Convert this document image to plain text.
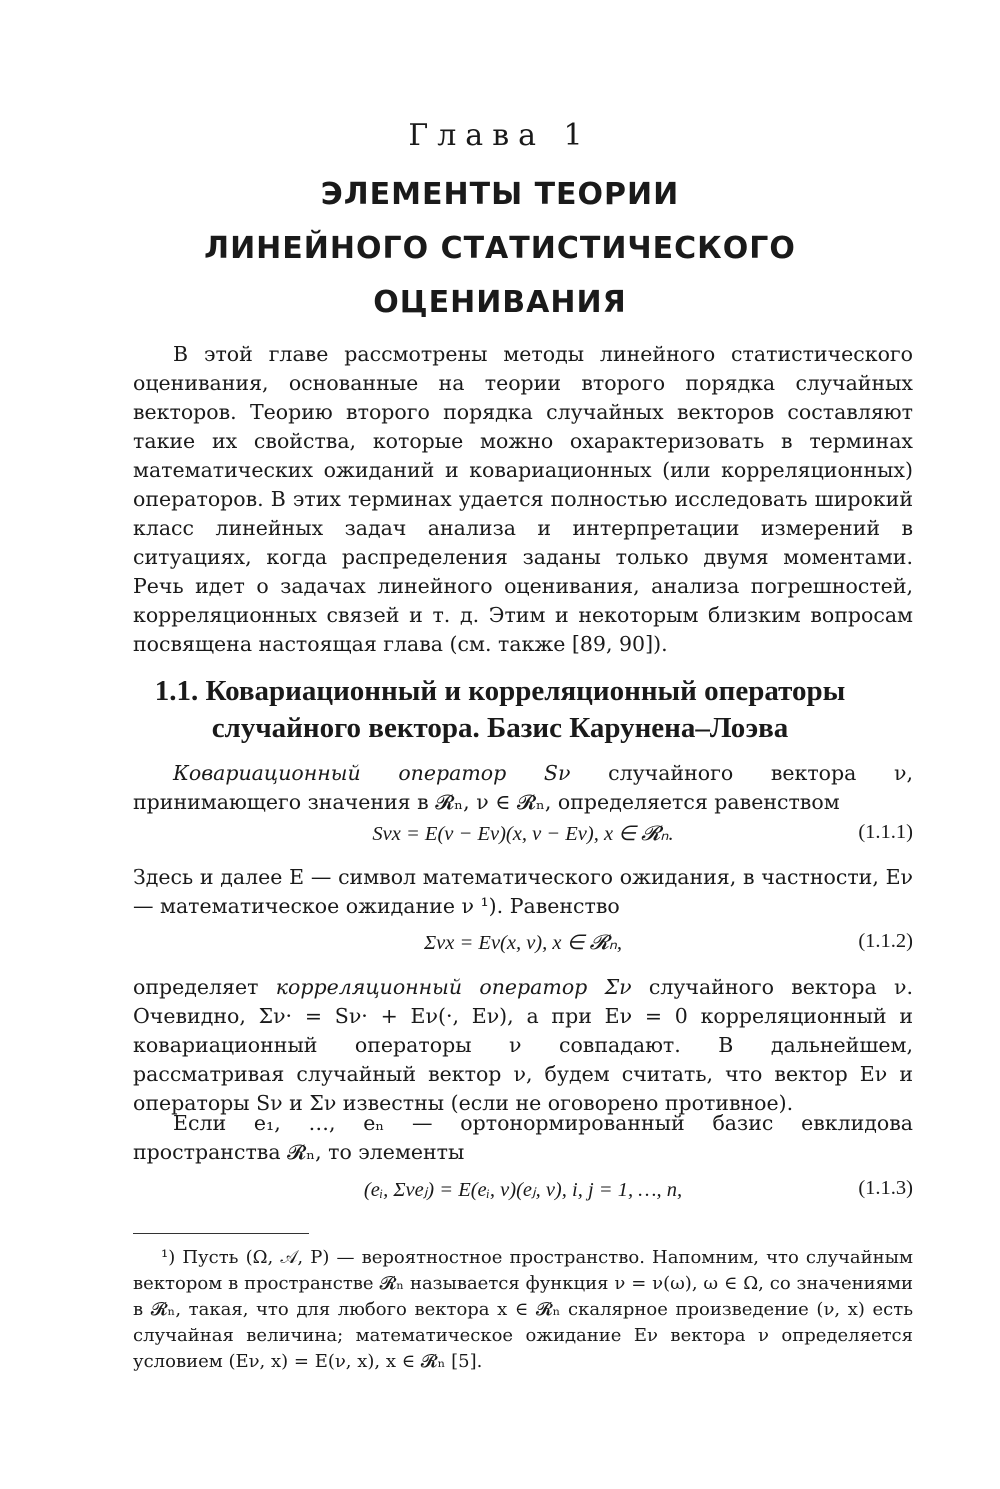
Глава 1
ЭЛЕМЕНТЫ ТЕОРИИ
ЛИНЕЙНОГО СТАТИСТИЧЕСКОГО
ОЦЕНИВАНИЯ

В этой главе рассмотрены методы линейного статистического оценивания, основанные на теории второго порядка случайных векторов. Теорию второго порядка случайных векторов составляют такие их свойства, которые можно охарактеризовать в терминах математических ожиданий и ковариационных (или корреляционных) операторов. В этих терминах удается полностью исследовать широкий класс линейных задач анализа и интерпретации измерений в ситуациях, когда распределения заданы только двумя моментами. Речь идет о задачах линейного оценивания, анализа погрешностей, корреляционных связей и т. д. Этим и некоторым близким вопросам посвящена настоящая глава (см. также [89, 90]).

1.1. Ковариационный и корреляционный операторы
случайного вектора. Базис Карунена–Лоэва

Ковариационный оператор Sν случайного вектора ν, принимающего значения в 𝓡ₙ, ν ∈ 𝓡ₙ, определяется равенством

Sνx = E(ν − Eν)(x, ν − Eν), x ∈ 𝓡ₙ.	(1.1.1)

Здесь и далее E — символ математического ожидания, в частности, Eν — математическое ожидание ν ¹). Равенство

Σνx = Eν(x, ν), x ∈ 𝓡ₙ,	(1.1.2)

определяет корреляционный оператор Σν случайного вектора ν. Очевидно, Σν· = Sν· + Eν(·, Eν), а при Eν = 0 корреляционный и ковариационный операторы ν совпадают. В дальнейшем, рассматривая случайный вектор ν, будем считать, что вектор Eν и операторы Sν и Σν известны (если не оговорено противное).

Если e₁, …, eₙ — ортонормированный базис евклидова пространства 𝓡ₙ, то элементы

(eᵢ, Σνeⱼ) = E(eᵢ, ν)(eⱼ, ν), i, j = 1, …, n,	(1.1.3)
¹) Пусть (Ω, 𝒜, P) — вероятностное пространство. Напомним, что случайным вектором в пространстве 𝓡ₙ называется функция ν = ν(ω), ω ∈ Ω, со значениями в 𝓡ₙ, такая, что для любого вектора x ∈ 𝓡ₙ скалярное произведение (ν, x) есть случайная величина; математическое ожидание Eν вектора ν определяется условием (Eν, x) = E(ν, x), x ∈ 𝓡ₙ [5].
